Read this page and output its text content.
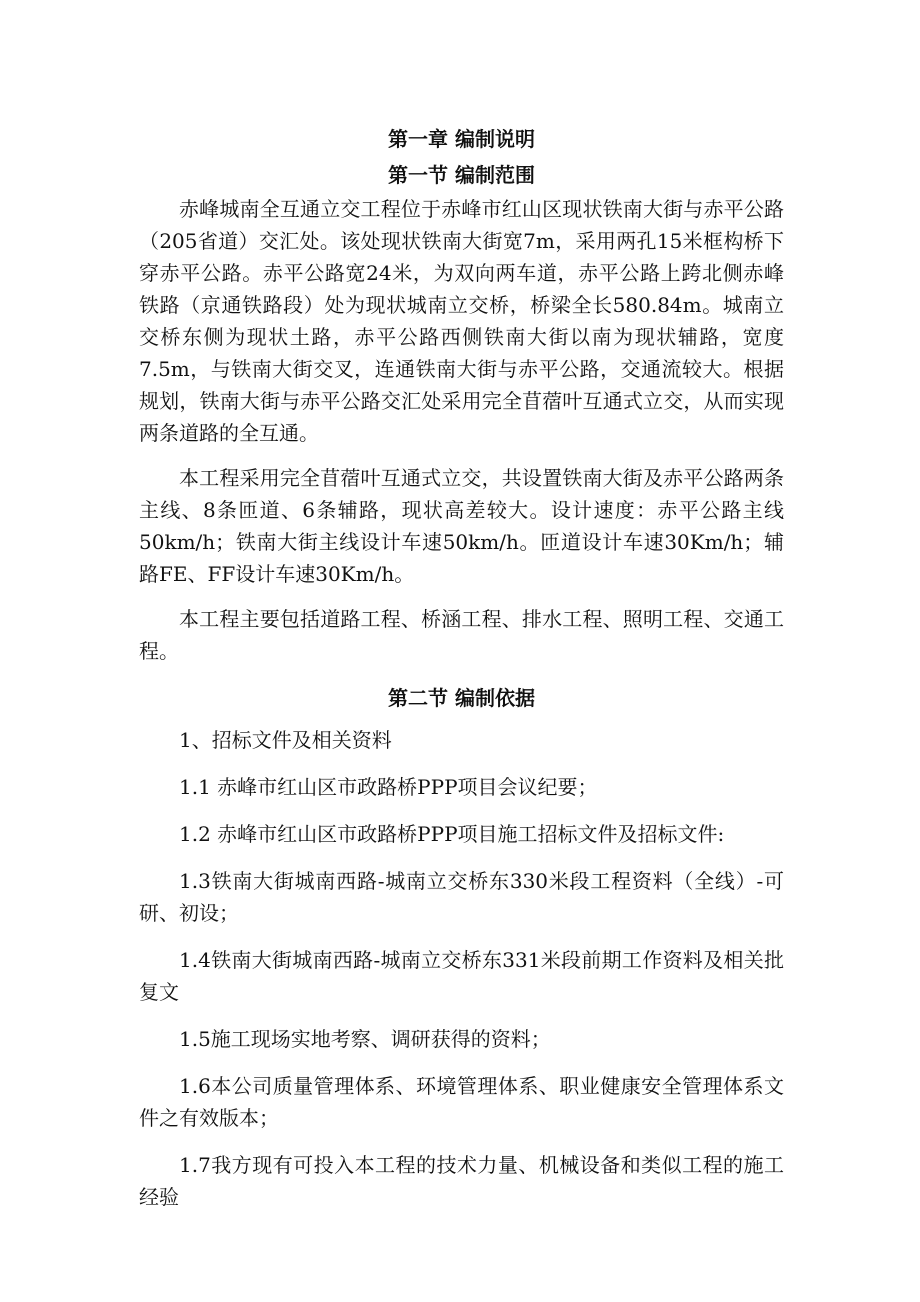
第一章 编制说明
第一节 编制范围

赤峰城南全互通立交工程位于赤峰市红山区现状铁南大街与赤平公路（205省道）交汇处。该处现状铁南大街宽7m，采用两孔15米框构桥下穿赤平公路。赤平公路宽24米，为双向两车道，赤平公路上跨北侧赤峰铁路（京通铁路段）处为现状城南立交桥，桥梁全长580.84m。城南立交桥东侧为现状土路，赤平公路西侧铁南大街以南为现状辅路，宽度7.5m，与铁南大街交叉，连通铁南大街与赤平公路，交通流较大。根据规划，铁南大街与赤平公路交汇处采用完全苜蓿叶互通式立交，从而实现两条道路的全互通。

本工程采用完全苜蓿叶互通式立交，共设置铁南大街及赤平公路两条主线、8条匝道、6条辅路，现状高差较大。设计速度：赤平公路主线50km/h；铁南大街主线设计车速50km/h。匝道设计车速30Km/h；辅路FE、FF设计车速30Km/h。

本工程主要包括道路工程、桥涵工程、排水工程、照明工程、交通工程。

第二节 编制依据
1、招标文件及相关资料
1.1 赤峰市红山区市政路桥PPP项目会议纪要；
1.2 赤峰市红山区市政路桥PPP项目施工招标文件及招标文件:
1.3铁南大街城南西路-城南立交桥东330米段工程资料（全线）-可研、初设；
1.4铁南大街城南西路-城南立交桥东331米段前期工作资料及相关批复文
1.5施工现场实地考察、调研获得的资料；
1.6本公司质量管理体系、环境管理体系、职业健康安全管理体系文件之有效版本；
1.7我方现有可投入本工程的技术力量、机械设备和类似工程的施工经验
